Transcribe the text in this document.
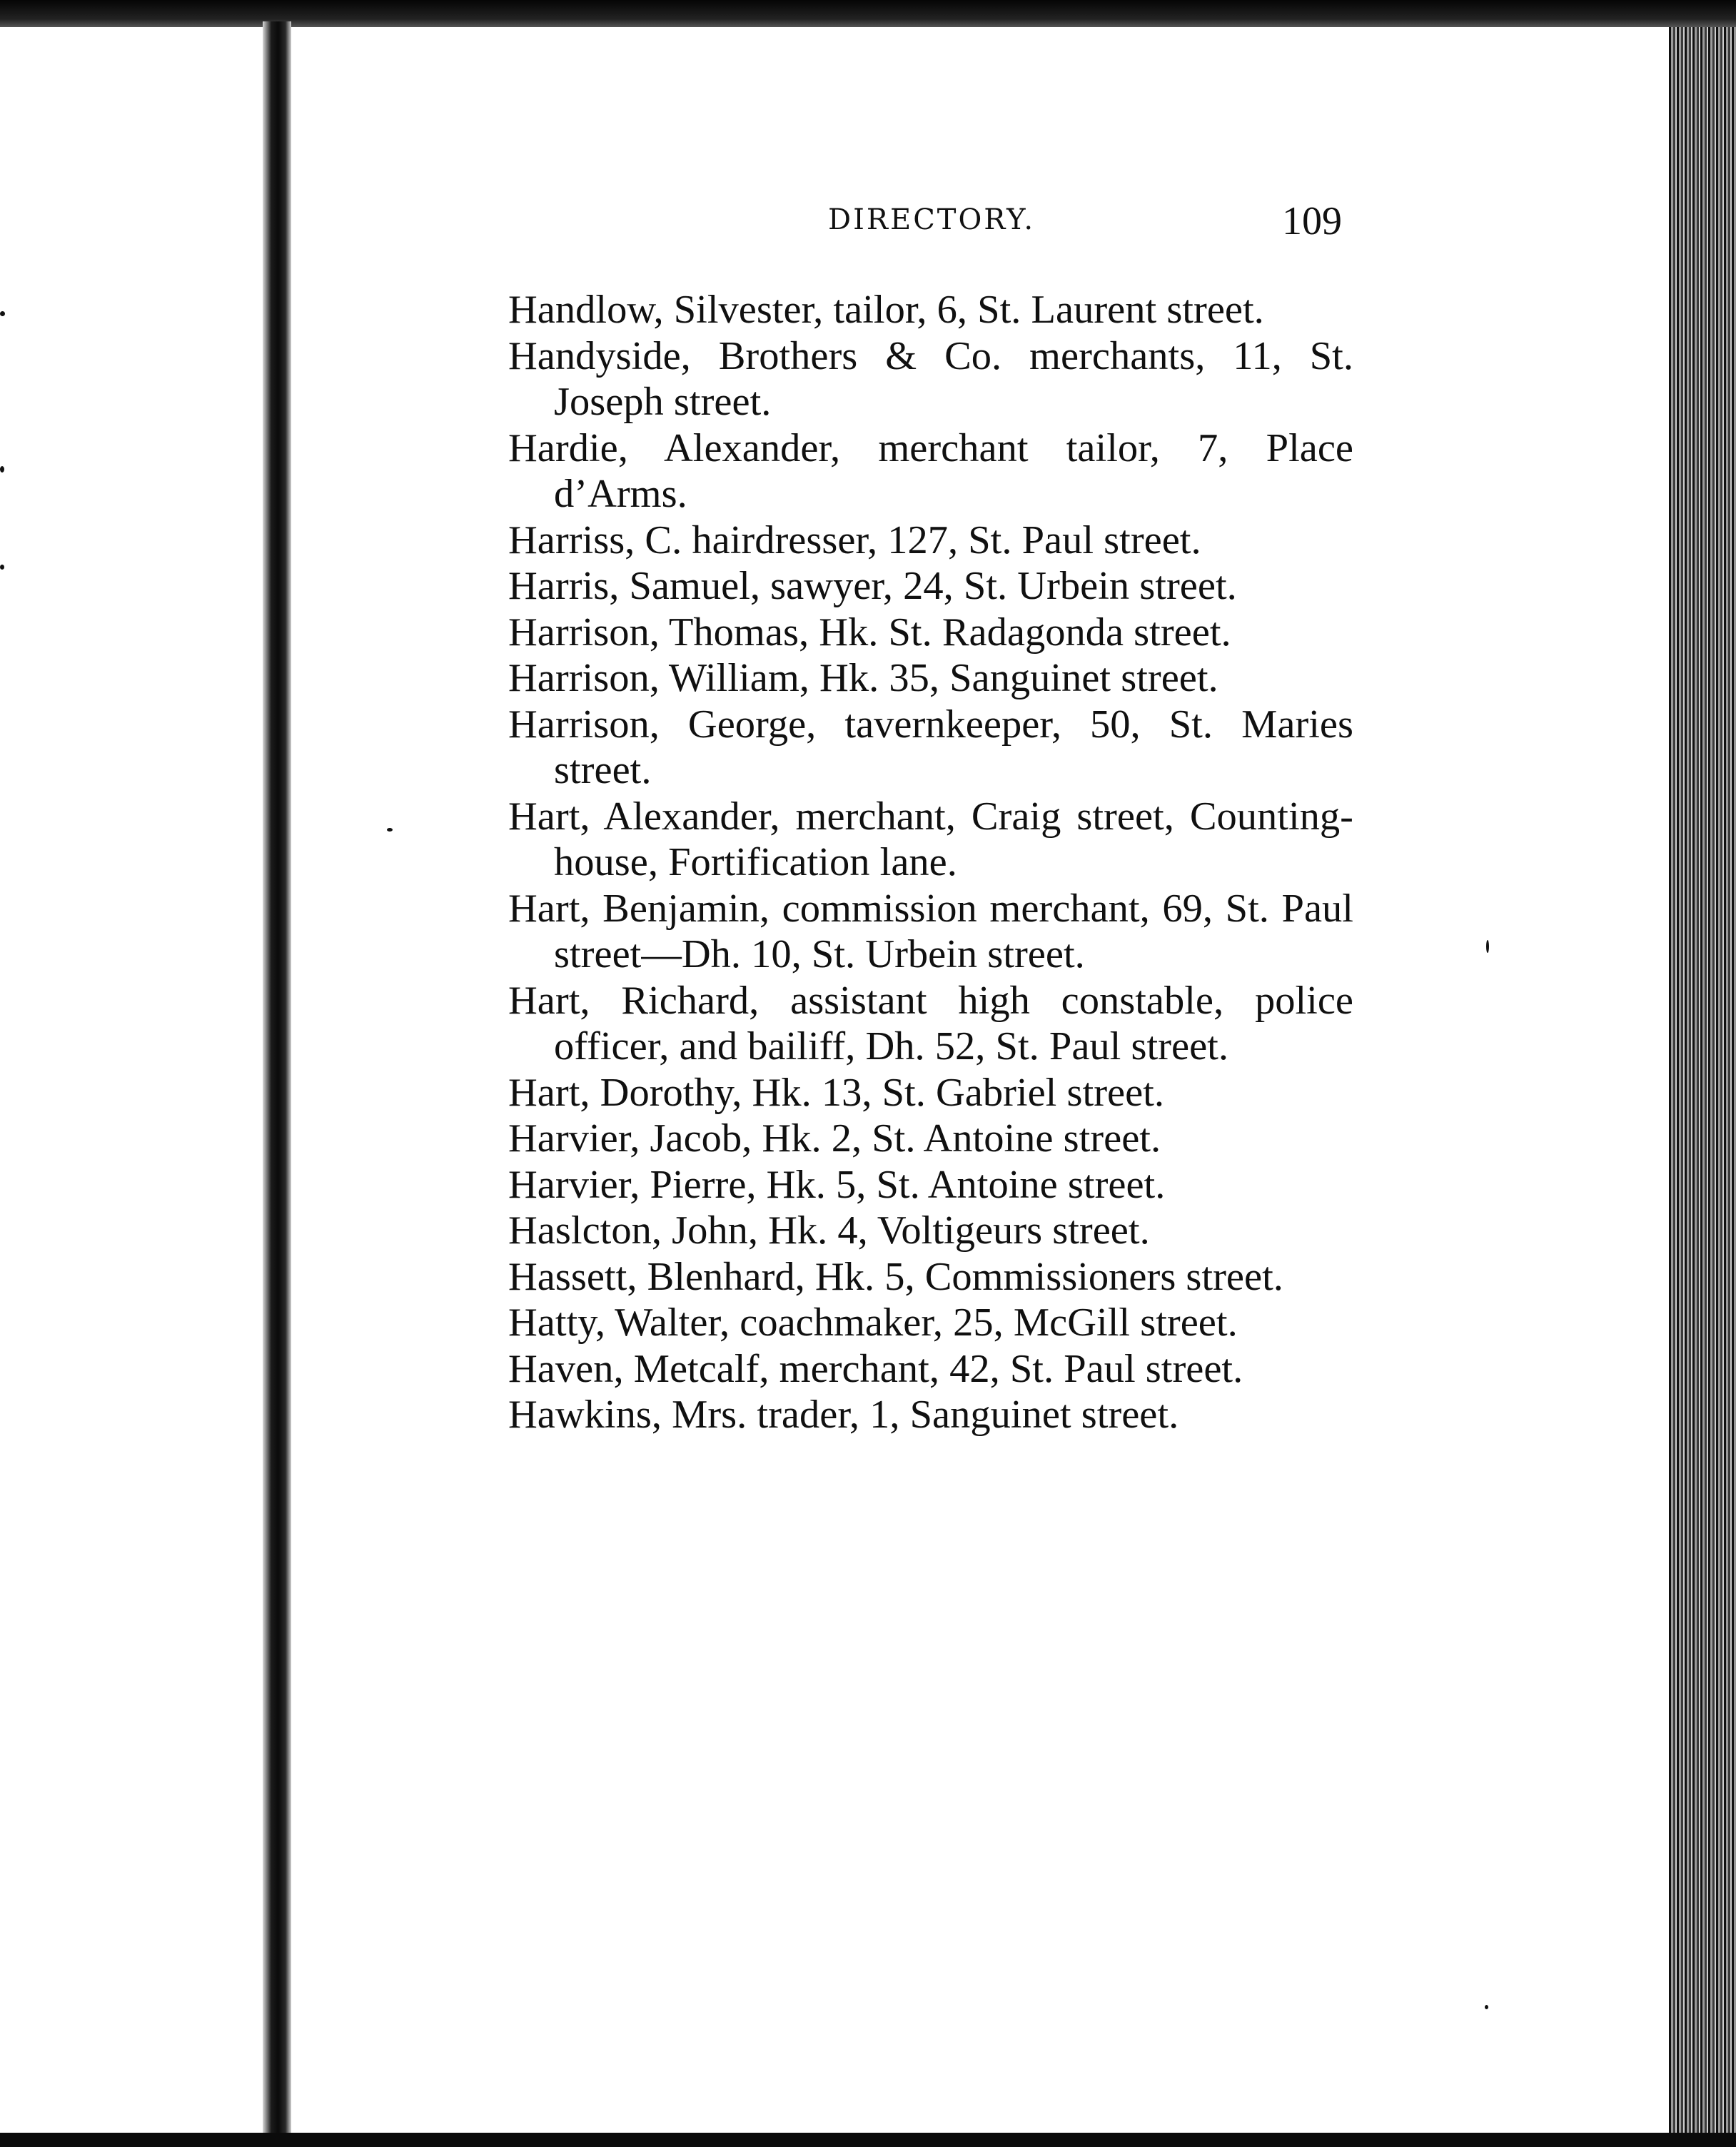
DIRECTORY.	109

Handlow, Silvester, tailor, 6, St. Laurent street.

Handyside, Brothers & Co. merchants, 11, St. Joseph street.

Hardie, Alexander, merchant tailor, 7, Place d’Arms.

Harriss, C. hairdresser, 127, St. Paul street.

Harris, Samuel, sawyer, 24, St. Urbein street.

Harrison, Thomas, Hk. St. Radagonda street.

Harrison, William, Hk. 35, Sanguinet street.

Harrison, George, tavernkeeper, 50, St. Maries street.

Hart, Alexander, merchant, Craig street, Counting-house, Fortification lane.

Hart, Benjamin, commission merchant, 69, St. Paul street—Dh. 10, St. Urbein street.

Hart, Richard, assistant high constable, police officer, and bailiff, Dh. 52, St. Paul street.

Hart, Dorothy, Hk. 13, St. Gabriel street.

Harvier, Jacob, Hk. 2, St. Antoine street.

Harvier, Pierre, Hk. 5, St. Antoine street.

Haslcton, John, Hk. 4, Voltigeurs street.

Hassett, Blenhard, Hk. 5, Commissioners street.

Hatty, Walter, coachmaker, 25, McGill street.

Haven, Metcalf, merchant, 42, St. Paul street.

Hawkins, Mrs. trader, 1, Sanguinet street.
